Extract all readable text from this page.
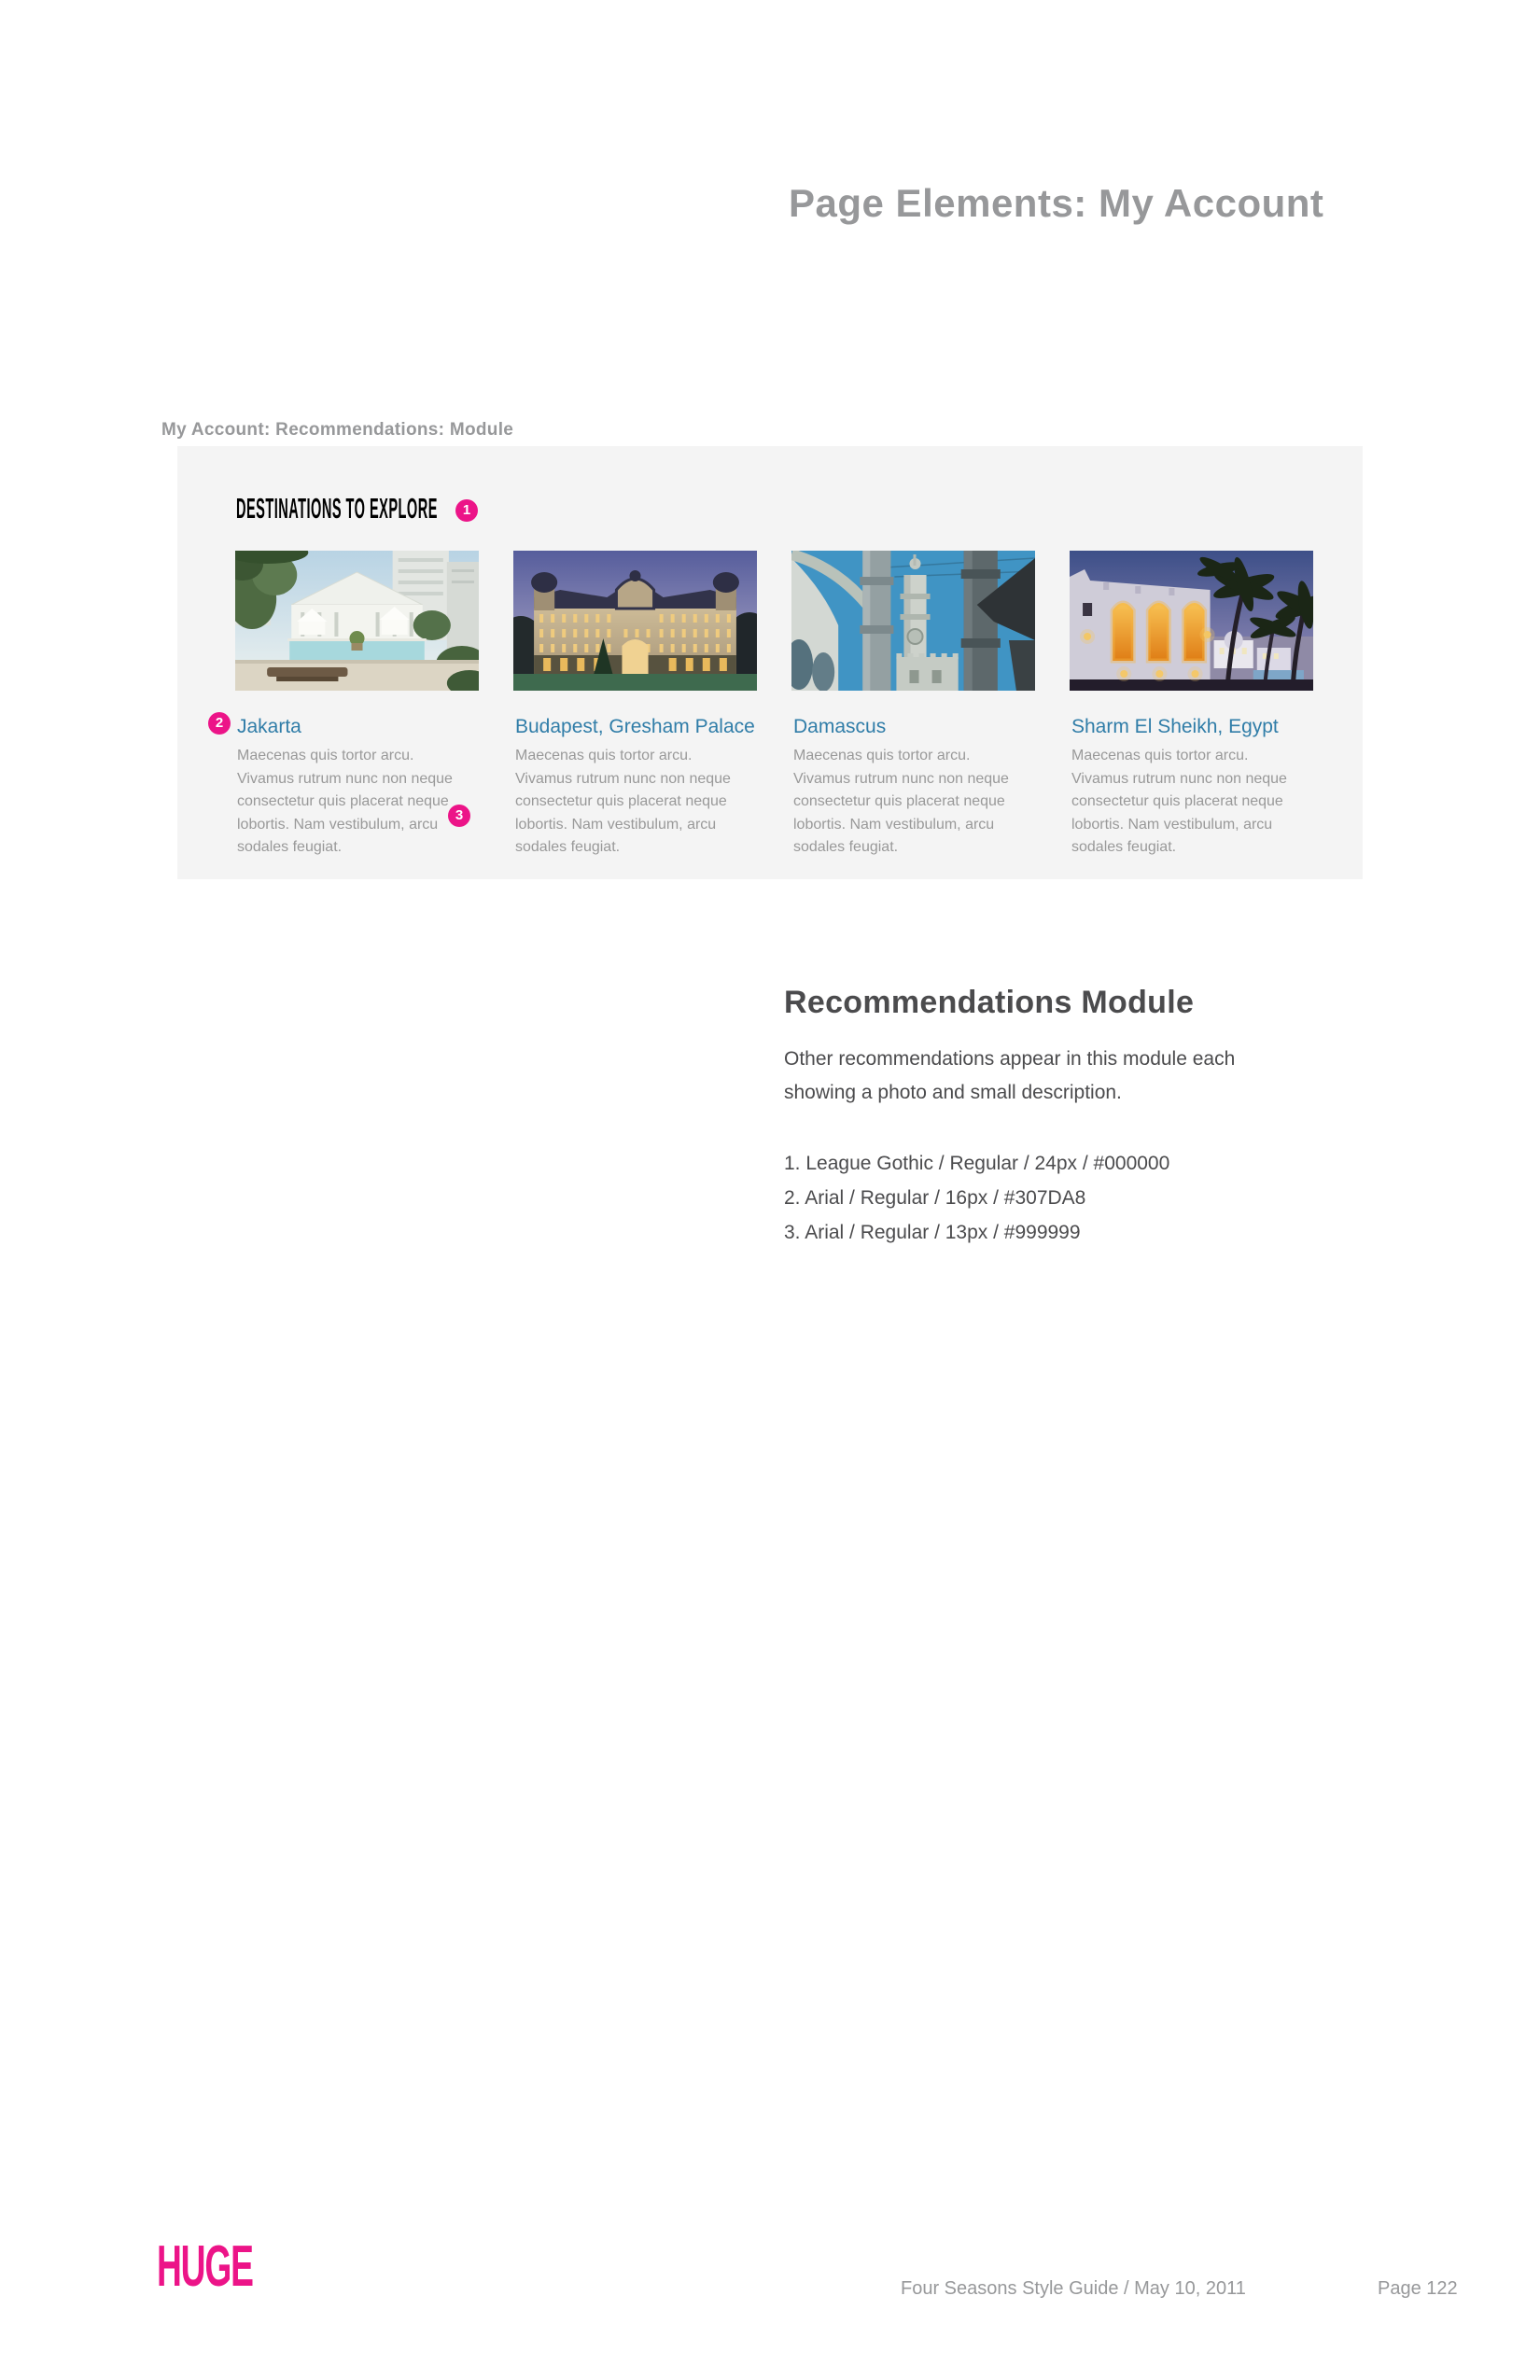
Page Elements: My Account
My Account: Recommendations: Module
DESTINATIONS TO EXPLORE	1
2 Jakarta
Maecenas quis tortor arcu. Vivamus rutrum nunc non neque consectetur quis placerat neque lobortis. Nam vestibulum, arcu sodales feugiat.
3
Budapest, Gresham Palace
Maecenas quis tortor arcu. Vivamus rutrum nunc non neque consectetur quis placerat neque lobortis. Nam vestibulum, arcu sodales feugiat.
Damascus
Maecenas quis tortor arcu. Vivamus rutrum nunc non neque consectetur quis placerat neque lobortis. Nam vestibulum, arcu sodales feugiat.
Sharm El Sheikh, Egypt
Maecenas quis tortor arcu. Vivamus rutrum nunc non neque consectetur quis placerat neque lobortis. Nam vestibulum, arcu sodales feugiat.
Recommendations Module
Other recommendations appear in this module each showing a photo and small description.
1. League Gothic / Regular / 24px / #000000
2. Arial / Regular / 16px / #307DA8
3. Arial / Regular / 13px / #999999
HUGE	Four Seasons Style Guide / May 10, 2011	Page 122
